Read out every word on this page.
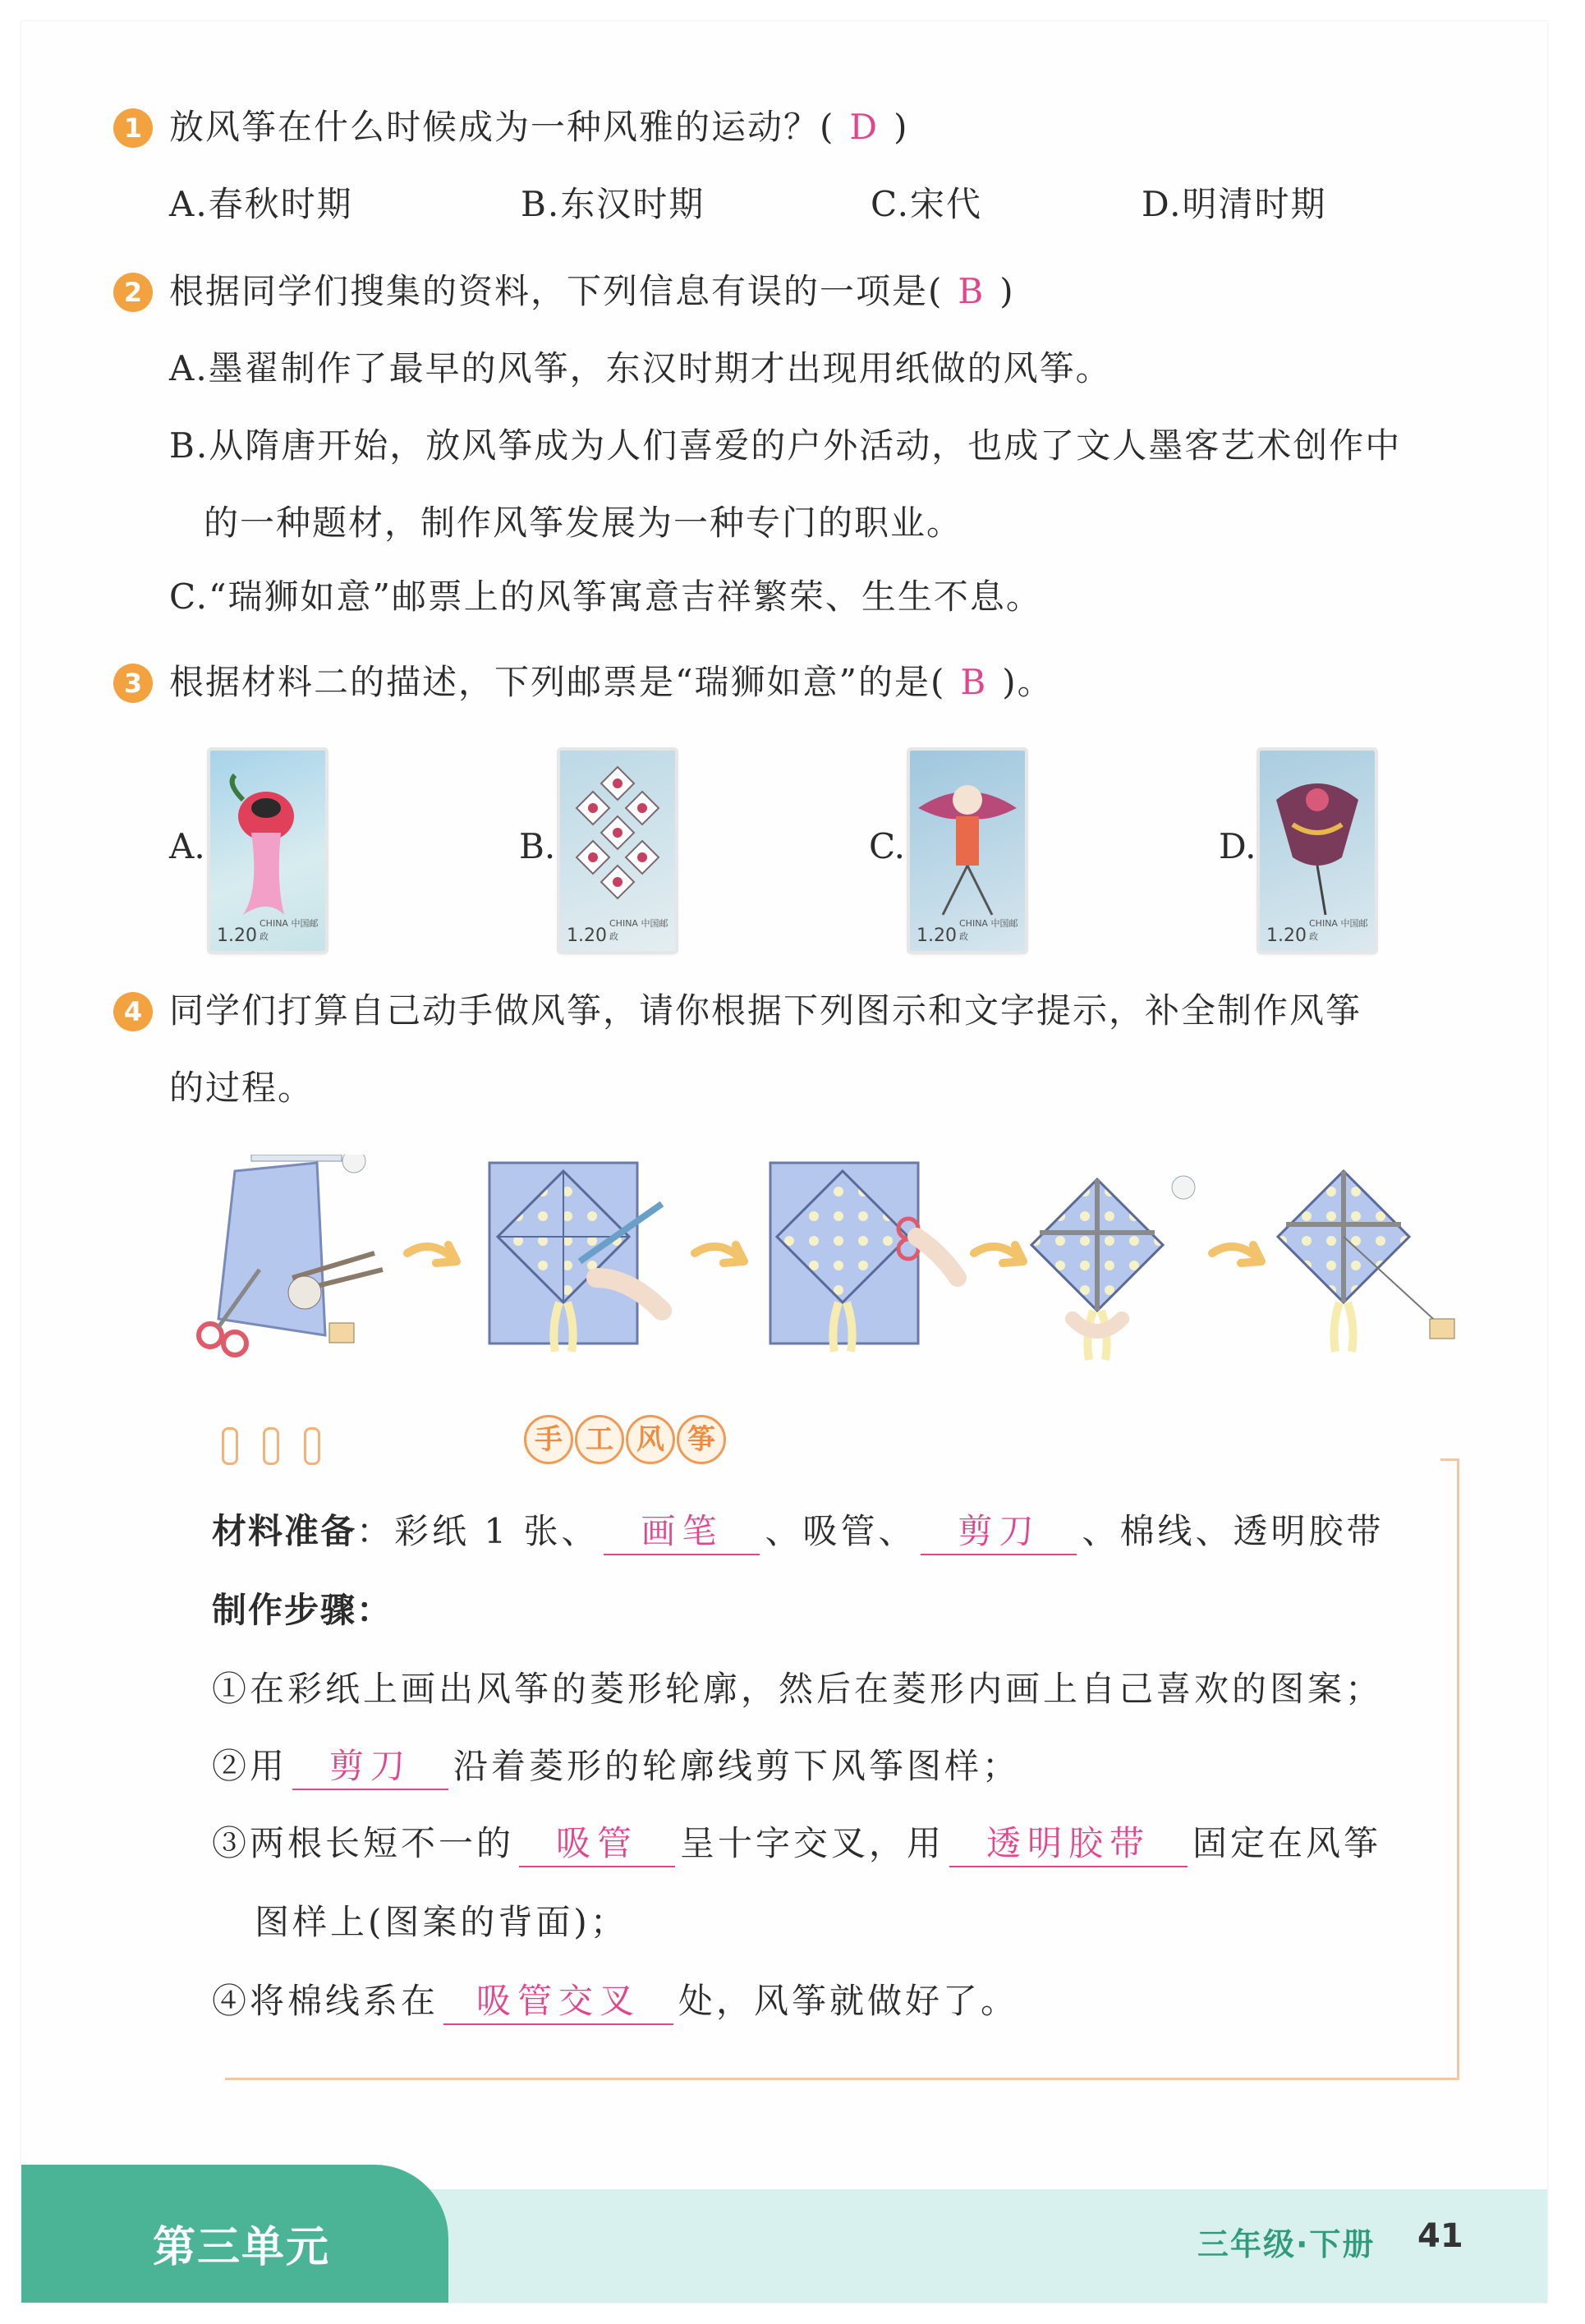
1 放风筝在什么时候成为一种风雅的运动？( D )
A.春秋时期	B.东汉时期	C.宋代	D.明清时期
2 根据同学们搜集的资料，下列信息有误的一项是( B )
A.墨翟制作了最早的风筝，东汉时期才出现用纸做的风筝。
B.从隋唐开始，放风筝成为人们喜爱的户外活动，也成了文人墨客艺术创作中
的一种题材，制作风筝发展为一种专门的职业。
C.“瑞狮如意”邮票上的风筝寓意吉祥繁荣、生生不息。
3 根据材料二的描述，下列邮票是“瑞狮如意”的是( B )。
A.
1.20
CHINA 中国邮政
B.
1.20
CHINA 中国邮政
C.
1.20
CHINA 中国邮政
D.
1.20
CHINA 中国邮政
4 同学们打算自己动手做风筝，请你根据下列图示和文字提示，补全制作风筝
的过程。
手 工 风 筝
材料准备：彩纸 1 张、 画笔 、吸管、 剪刀 、棉线、透明胶带
制作步骤：
①在彩纸上画出风筝的菱形轮廓，然后在菱形内画上自己喜欢的图案；
②用 剪刀 沿着菱形的轮廓线剪下风筝图样；
③两根长短不一的 吸管 呈十字交叉，用 透明胶带 固定在风筝
图样上(图案的背面)；
④将棉线系在 吸管交叉 处，风筝就做好了。
第三单元	三年级·下册 41
